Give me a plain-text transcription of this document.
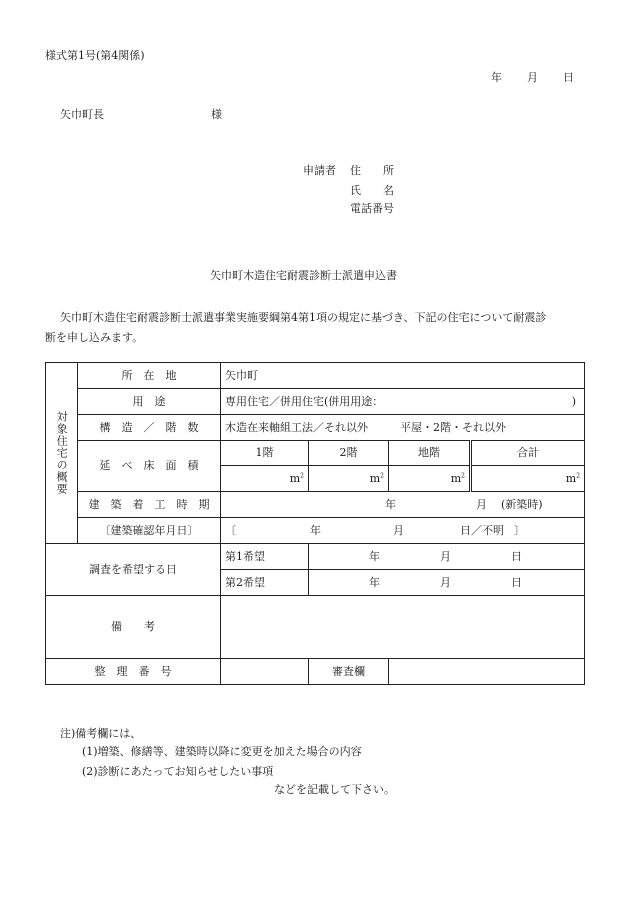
様式第1号(第4関係)
年 月 日
矢巾町長	様
申請者 住　　所
氏　　名
電話番号
矢巾町木造住宅耐震診断士派遣申込書
矢巾町木造住宅耐震診断士派遣事業実施要綱第4第1項の規定に基づき、下記の住宅について耐震診
断を申し込みます。
対象住宅の概要	所　在　地	矢巾町			
	用　途	専用住宅／併用住宅(併用用途： )			

	構　造　／　階　数	木造在来軸組工法／それ以外 平屋・2階・それ以外			
	延　べ　床　面　積	1階	2階	地階	合計
		$m^2$	$m^2$	$m^2$	$m^2$
	建　築　着　工　時　期	年 月 (新築時)			
	〔建築確認年月日〕	〔 年 月 日／不明 〕			
調査を希望する日		第1希望	年 月 日		
		第2希望	年 月 日		
備　　考					
整　理　番　号			審査欄		
注)備考欄には、
(1)増築、修繕等、建築時以降に変更を加えた場合の内容
(2)診断にあたってお知らせしたい事項
などを記載して下さい。
